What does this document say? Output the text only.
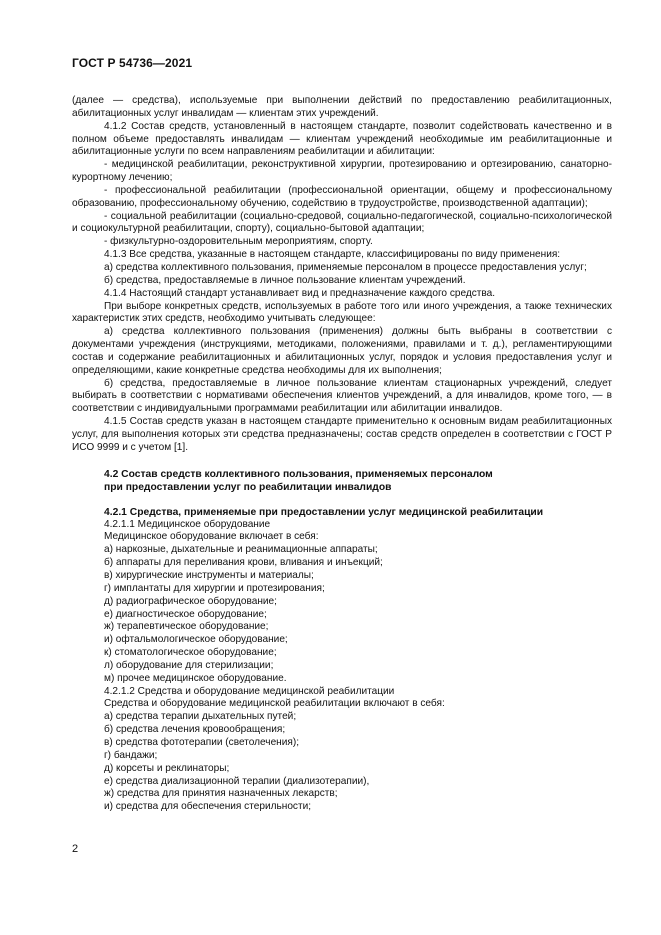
ГОСТ Р 54736—2021

(далее — средства), используемые при выполнении действий по предоставлению реабилитационных, абилитационных услуг инвалидам — клиентам этих учреждений.

4.1.2 Состав средств, установленный в настоящем стандарте, позволит содействовать качественно и в полном объеме предоставлять инвалидам — клиентам учреждений необходимые им реабилитационные и абилитационные услуги по всем направлениям реабилитации и абилитации:

- медицинской реабилитации, реконструктивной хирургии, протезированию и ортезированию, санаторно-курортному лечению;

- профессиональной реабилитации (профессиональной ориентации, общему и профессиональному образованию, профессиональному обучению, содействию в трудоустройстве, производственной адаптации);

- социальной реабилитации (социально-средовой, социально-педагогической, социально-психологической и социокультурной реабилитации, спорту), социально-бытовой адаптации;

- физкультурно-оздоровительным мероприятиям, спорту.

4.1.3 Все средства, указанные в настоящем стандарте, классифицированы по виду применения:

а) средства коллективного пользования, применяемые персоналом в процессе предоставления услуг;

б) средства, предоставляемые в личное пользование клиентам учреждений.

4.1.4 Настоящий стандарт устанавливает вид и предназначение каждого средства.

При выборе конкретных средств, используемых в работе того или иного учреждения, а также технических характеристик этих средств, необходимо учитывать следующее:

а) средства коллективного пользования (применения) должны быть выбраны в соответствии с документами учреждения (инструкциями, методиками, положениями, правилами и т. д.), регламентирующими состав и содержание реабилитационных и абилитационных услуг, порядок и условия предоставления услуг и определяющими, какие конкретные средства необходимы для их выполнения;

б) средства, предоставляемые в личное пользование клиентам стационарных учреждений, следует выбирать в соответствии с нормативами обеспечения клиентов учреждений, а для инвалидов, кроме того, — в соответствии с индивидуальными программами реабилитации или абилитации инвалидов.

4.1.5 Состав средств указан в настоящем стандарте применительно к основным видам реабилитационных услуг, для выполнения которых эти средства предназначены; состав средств определен в соответствии с ГОСТ Р ИСО 9999 и с учетом [1].

4.2 Состав средств коллективного пользования, применяемых персоналом
при предоставлении услуг по реабилитации инвалидов

4.2.1 Средства, применяемые при предоставлении услуг медицинской реабилитации

4.2.1.1 Медицинское оборудование

Медицинское оборудование включает в себя:

а) наркозные, дыхательные и реанимационные аппараты;

б) аппараты для переливания крови, вливания и инъекций;

в) хирургические инструменты и материалы;

г) имплантаты для хирургии и протезирования;

д) радиографическое оборудование;

е) диагностическое оборудование;

ж) терапевтическое оборудование;

и) офтальмологическое оборудование;

к) стоматологическое оборудование;

л) оборудование для стерилизации;

м) прочее медицинское оборудование.

4.2.1.2 Средства и оборудование медицинской реабилитации

Средства и оборудование медицинской реабилитации включают в себя:

а) средства терапии дыхательных путей;

б) средства лечения кровообращения;

в) средства фототерапии (светолечения);

г) бандажи;

д) корсеты и реклинаторы;

е) средства диализационной терапии (диализотерапии),

ж) средства для принятия назначенных лекарств;

и) средства для обеспечения стерильности;

2
